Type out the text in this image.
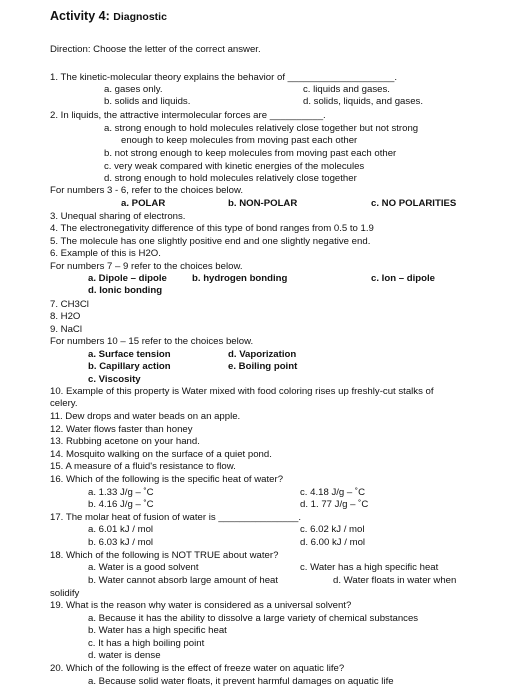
Activity 4: Diagnostic
Direction: Choose the letter of the correct answer.
1. The kinetic-molecular theory explains the behavior of ____________________.
a. gases only.	c. liquids and gases.
b. solids and liquids.	d. solids, liquids, and gases.
2. In liquids, the attractive intermolecular forces are __________.
a. strong enough to hold molecules relatively close together but not strong
enough to keep molecules from moving past each other
b. not strong enough to keep molecules from moving past each other
c. very weak compared with kinetic energies of the molecules
d. strong enough to hold molecules relatively close together
For numbers 3 - 6, refer to the choices below.
a. POLAR	b. NON-POLAR	c. NO POLARITIES
3. Unequal sharing of electrons.
4. The electronegativity difference of this type of bond ranges from 0.5 to 1.9
5. The molecule has one slightly positive end and one slightly negative end.
6. Example of this is H2O.
For numbers 7 – 9 refer to the choices below.
a. Dipole – dipole	b. hydrogen bonding	c. Ion – dipole
d. Ionic bonding
7. CH3Cl
8. H2O
9. NaCl
For numbers 10 – 15 refer to the choices below.
a. Surface tension	d. Vaporization
b. Capillary action	e. Boiling point
c. Viscosity
10. Example of this property is Water mixed with food coloring rises up freshly-cut stalks of
celery.
11. Dew drops and water beads on an apple.
12. Water flows faster than honey
13. Rubbing acetone on your hand.
14. Mosquito walking on the surface of a quiet pond.
15. A measure of a fluid's resistance to flow.
16. Which of the following is the specific heat of water?
a. 1.33 J/g – ˚C	c. 4.18 J/g – ˚C
b. 4.16 J/g – ˚C	d. 1. 77 J/g – ˚C
17. The molar heat of fusion of water is _______________.
a. 6.01 kJ / mol	c. 6.02 kJ / mol
b. 6.03 kJ / mol	d. 6.00 kJ / mol
18. Which of the following is NOT TRUE about water?
a. Water is a good solvent	c. Water has a high specific heat
b. Water cannot absorb large amount of heat	d. Water floats in water when
solidify
19. What is the reason why water is considered as a universal solvent?
a. Because it has the ability to dissolve a large variety of chemical substances
b. Water has a high specific heat
c. It has a high boiling point
d. water is dense
20. Which of the following is the effect of freeze water on aquatic life?
a. Because solid water floats, it prevent harmful damages on aquatic life
